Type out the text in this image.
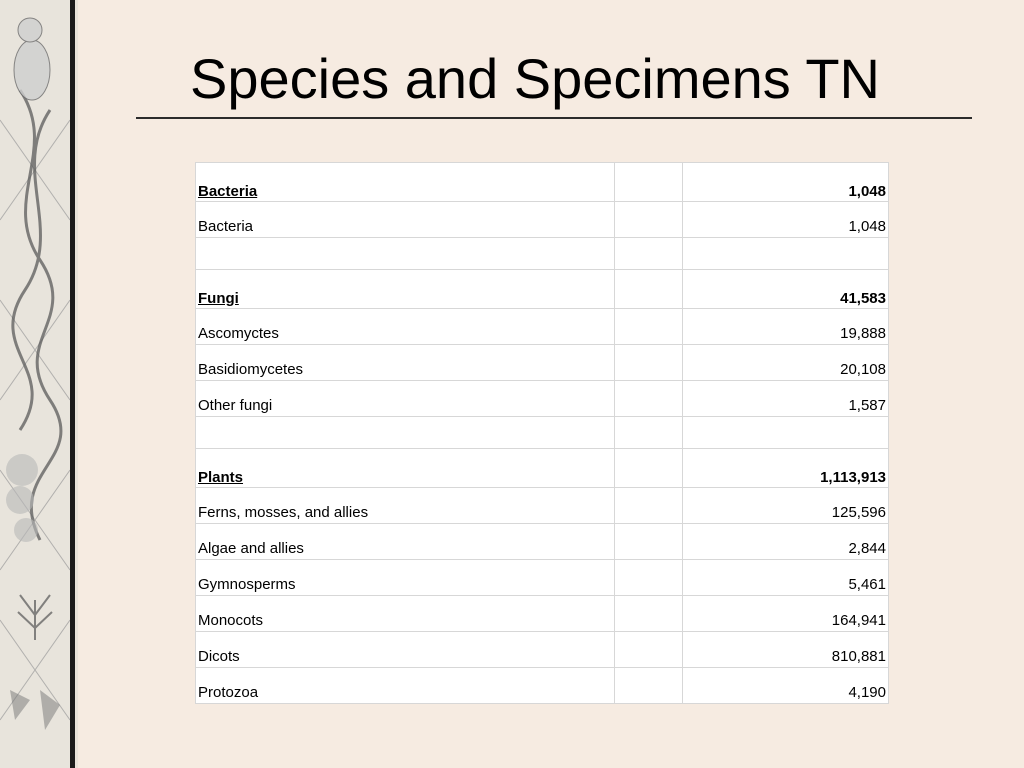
Species and Specimens TN
Bacteria		1,048
Bacteria		1,048

Fungi		41,583
Ascomyctes		19,888
Basidiomycetes		20,108
Other fungi		1,587

Plants		1,113,913
Ferns, mosses, and allies		125,596
Algae and allies		2,844
Gymnosperms		5,461
Monocots		164,941
Dicots		810,881
Protozoa		4,190
